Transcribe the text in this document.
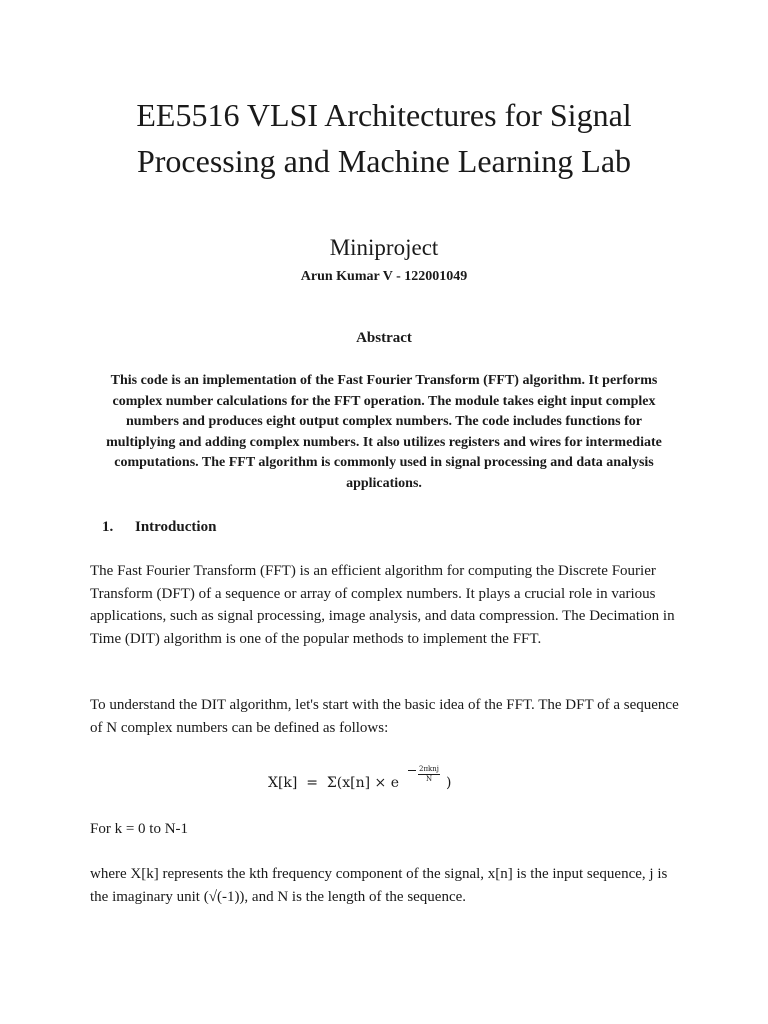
EE5516 VLSI Architectures for Signal
Processing and Machine Learning Lab
Miniproject

Arun Kumar V - 122001049

Abstract

This code is an implementation of the Fast Fourier Transform (FFT) algorithm. It performs complex number calculations for the FFT operation. The module takes eight input complex numbers and produces eight output complex numbers. The code includes functions for multiplying and adding complex numbers. It also utilizes registers and wires for intermediate computations. The FFT algorithm is commonly used in signal processing and data analysis applications.

1.	Introduction

The Fast Fourier Transform (FFT) is an efficient algorithm for computing the Discrete Fourier Transform (DFT) of a sequence or array of complex numbers. It plays a crucial role in various applications, such as signal processing, image analysis, and data compression. The Decimation in Time (DIT) algorithm is one of the popular methods to implement the FFT.

To understand the DIT algorithm, let's start with the basic idea of the FFT. The DFT of a sequence of N complex numbers can be defined as follows:

X[k]  =  Σ(x[n] × e
2πknj
N )

For k = 0 to N-1

where X[k] represents the kth frequency component of the signal, x[n] is the input sequence, j is the imaginary unit (√(-1)), and N is the length of the sequence.
